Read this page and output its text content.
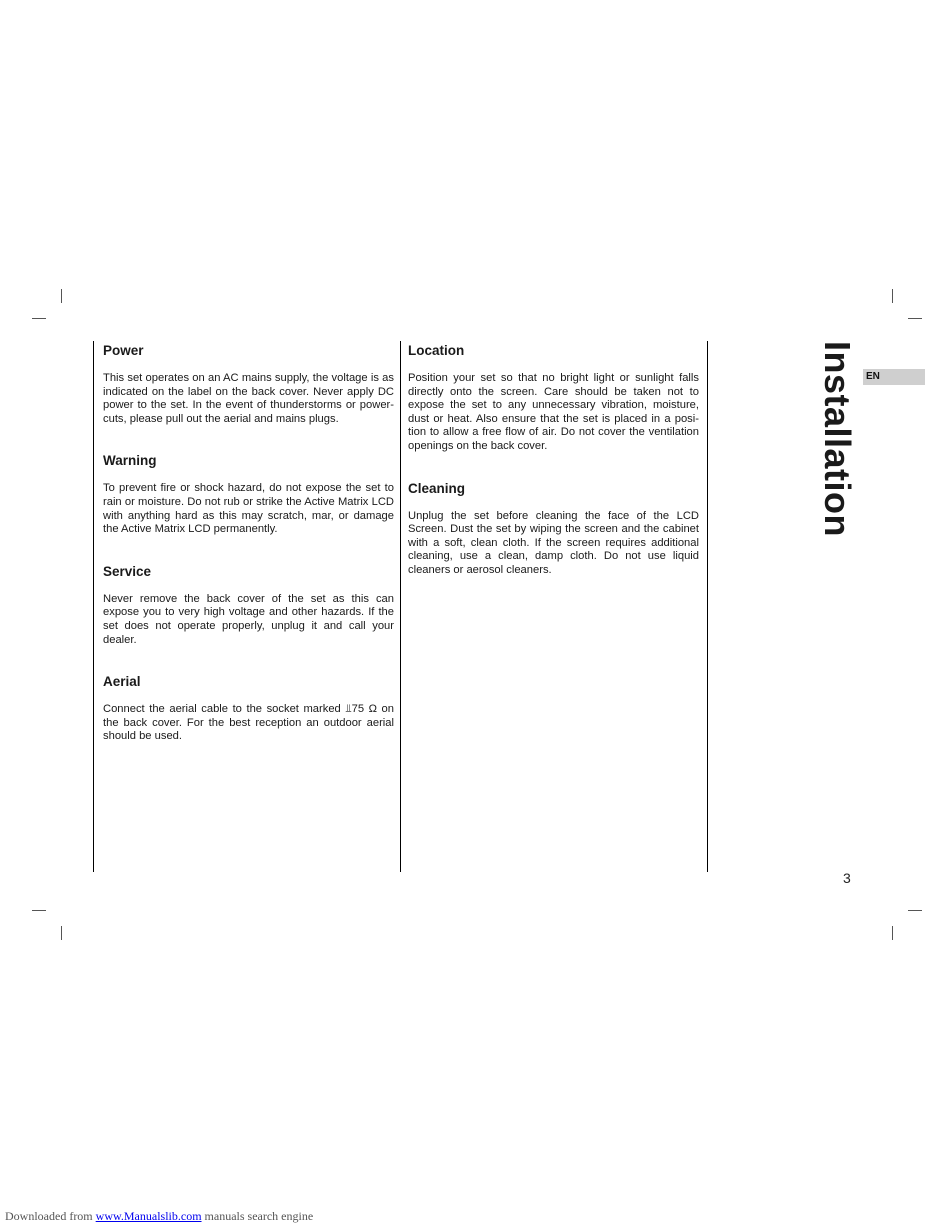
Power

This set operates on an AC mains supply, the voltage is as indicated on the label on the back cover. Never apply DC power to the set. In the event of thunderstorms or power-cuts, please pull out the aerial and mains plugs.

Warning

To prevent fire or shock hazard, do not expose the set to rain or moisture. Do not rub or strike the Active Matrix LCD with anything hard as this may scratch, mar, or damage the Active Matrix LCD permanently.

Service

Never remove the back cover of the set as this can expose you to very high voltage and other hazards. If the set does not operate properly, unplug it and call your dealer.

Aerial

Connect the aerial cable to the socket marked ⫫75 Ω on the back cover. For the best reception an outdoor aerial should be used.

Location

Position your set so that no bright light or sunlight falls directly onto the screen. Care should be taken not to expose the set to any unnecessary vibration, moisture, dust or heat. Also ensure that the set is placed in a posi-tion to allow a free flow of air. Do not cover the ventilation openings on the back cover.

Cleaning

Unplug the set before cleaning the face of the LCD Screen. Dust the set by wiping the screen and the cabinet with a soft, clean cloth. If the screen requires additional cleaning, use a clean, damp cloth. Do not use liquid cleaners or aerosol cleaners.

Installation EN
3
Downloaded from www.Manualslib.com manuals search engine
